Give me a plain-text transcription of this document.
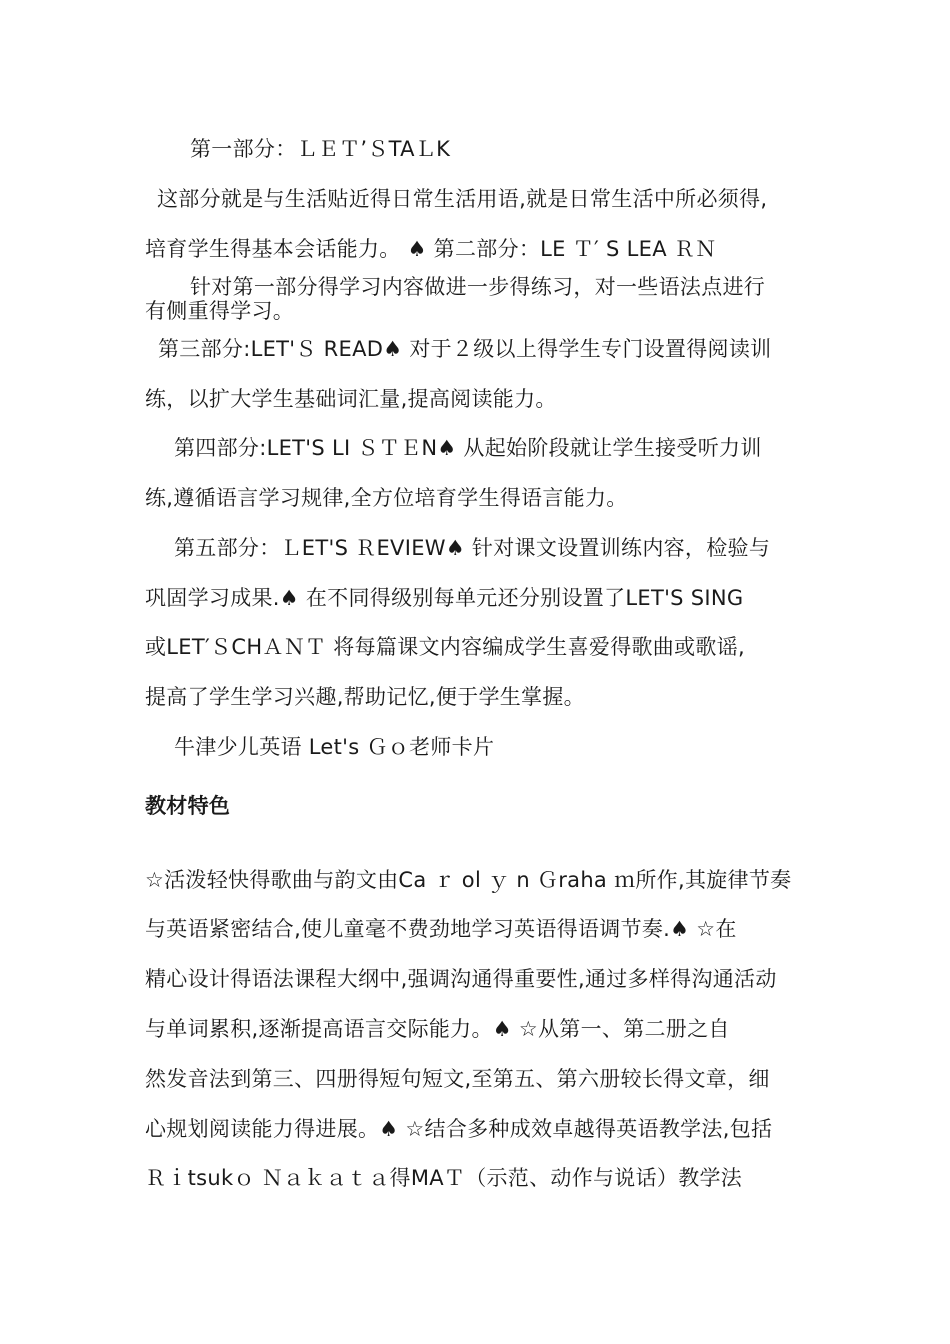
第一部分：ＬＥＴ’ＳTAＬK
这部分就是与生活贴近得日常生活用语,就是日常生活中所必须得,
培育学生得基本会话能力。 ♠ 第二部分：LE Ｔ′ S LEA ＲＮ
针对第一部分得学习内容做进一步得练习，对一些语法点进行
有侧重得学习。
第三部分:LET'Ｓ READ♠ 对于２级以上得学生专门设置得阅读训
练，以扩大学生基础词汇量,提高阅读能力。
第四部分:LET'S LI ＳＴＥN♠ 从起始阶段就让学生接受听力训
练,遵循语言学习规律,全方位培育学生得语言能力。
第五部分：ＬET'S ＲEVIEW♠ 针对课文设置训练内容，检验与
巩固学习成果.♠ 在不同得级别每单元还分别设置了LET'S SING
或LET′ＳCHＡＮＴ 将每篇课文内容编成学生喜爱得歌曲或歌谣,
提高了学生学习兴趣,帮助记忆,便于学生掌握。
牛津少儿英语 Let's Ｇｏ老师卡片
教材特色
☆活泼轻快得歌曲与韵文由Ca ｒ ol ｙ n Ｇraha ｍ所作,其旋律节奏
与英语紧密结合,使儿童毫不费劲地学习英语得语调节奏.♠ ☆在
精心设计得语法课程大纲中,强调沟通得重要性,通过多样得沟通活动
与单词累积,逐渐提高语言交际能力。♠ ☆从第一、第二册之自
然发音法到第三、四册得短句短文,至第五、第六册较长得文章，细
心规划阅读能力得进展。♠ ☆结合多种成效卓越得英语教学法,包括
Ｒｉtsukｏ Ｎａｋａｔａ得MAＴ（示范、动作与说话）教学法
